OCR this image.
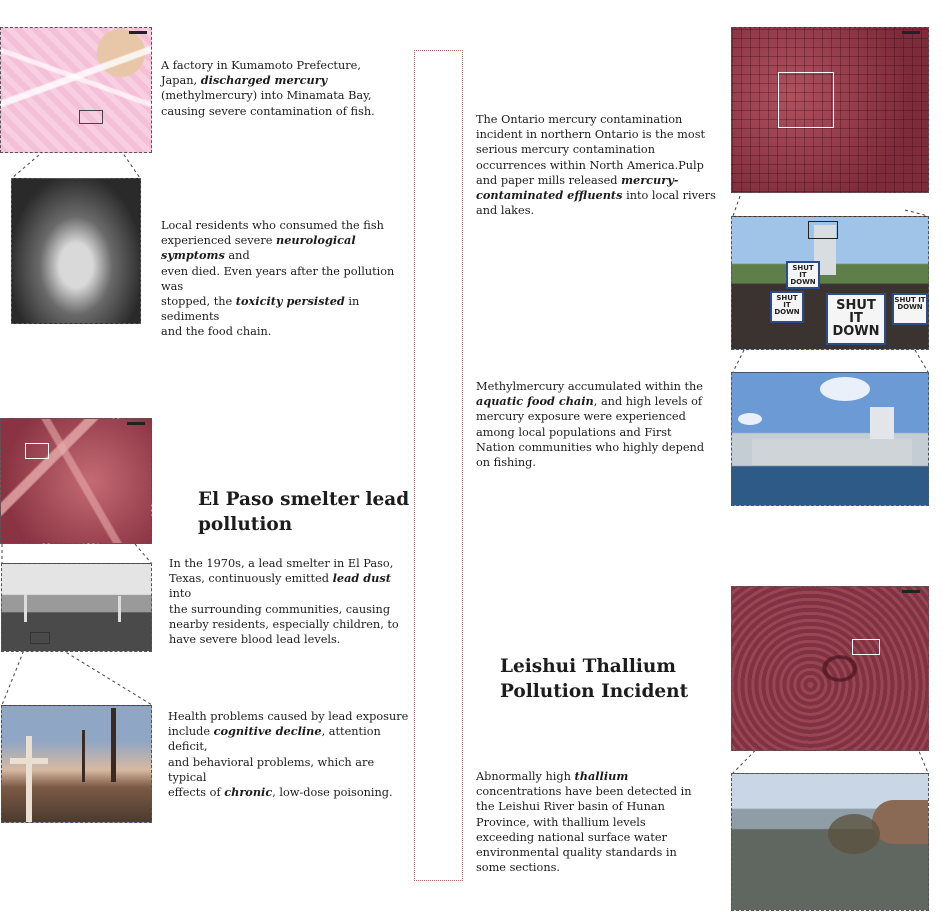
A factory in Kumamoto Prefecture,
Japan, discharged mercury
(methylmercury) into Minamata Bay,
causing severe contamination of fish.
Local residents who consumed the fish
experienced severe neurological symptoms and
even died. Even years after the pollution was
stopped, the toxicity persisted in sediments
and the food chain.
El Paso smelter lead
pollution
In the 1970s, a lead smelter in El Paso,
Texas, continuously emitted lead dust into
the surrounding communities, causing
nearby residents, especially children, to
have severe blood lead levels.
Health problems caused by lead exposure
include cognitive decline, attention deficit,
and behavioral problems, which are typical
effects of chronic, low-dose poisoning.
The Ontario mercury contamination
incident in northern Ontario is the most
serious mercury contamination
occurrences within North America.Pulp
and paper mills released mercury-
contaminated effluents into local rivers
and lakes.
SHUT IT DOWN
SHUT IT DOWN	SHUT IT DOWN
SHUT IT DOWN
Methylmercury accumulated within the
aquatic food chain, and high levels of
mercury exposure were experienced
among local populations and First
Nation communities who highly depend
on fishing.
Leishui Thallium
Pollution Incident
Abnormally high thallium
concentrations have been detected in
the Leishui River basin of Hunan
Province, with thallium levels
exceeding national surface water
environmental quality standards in
some sections.
